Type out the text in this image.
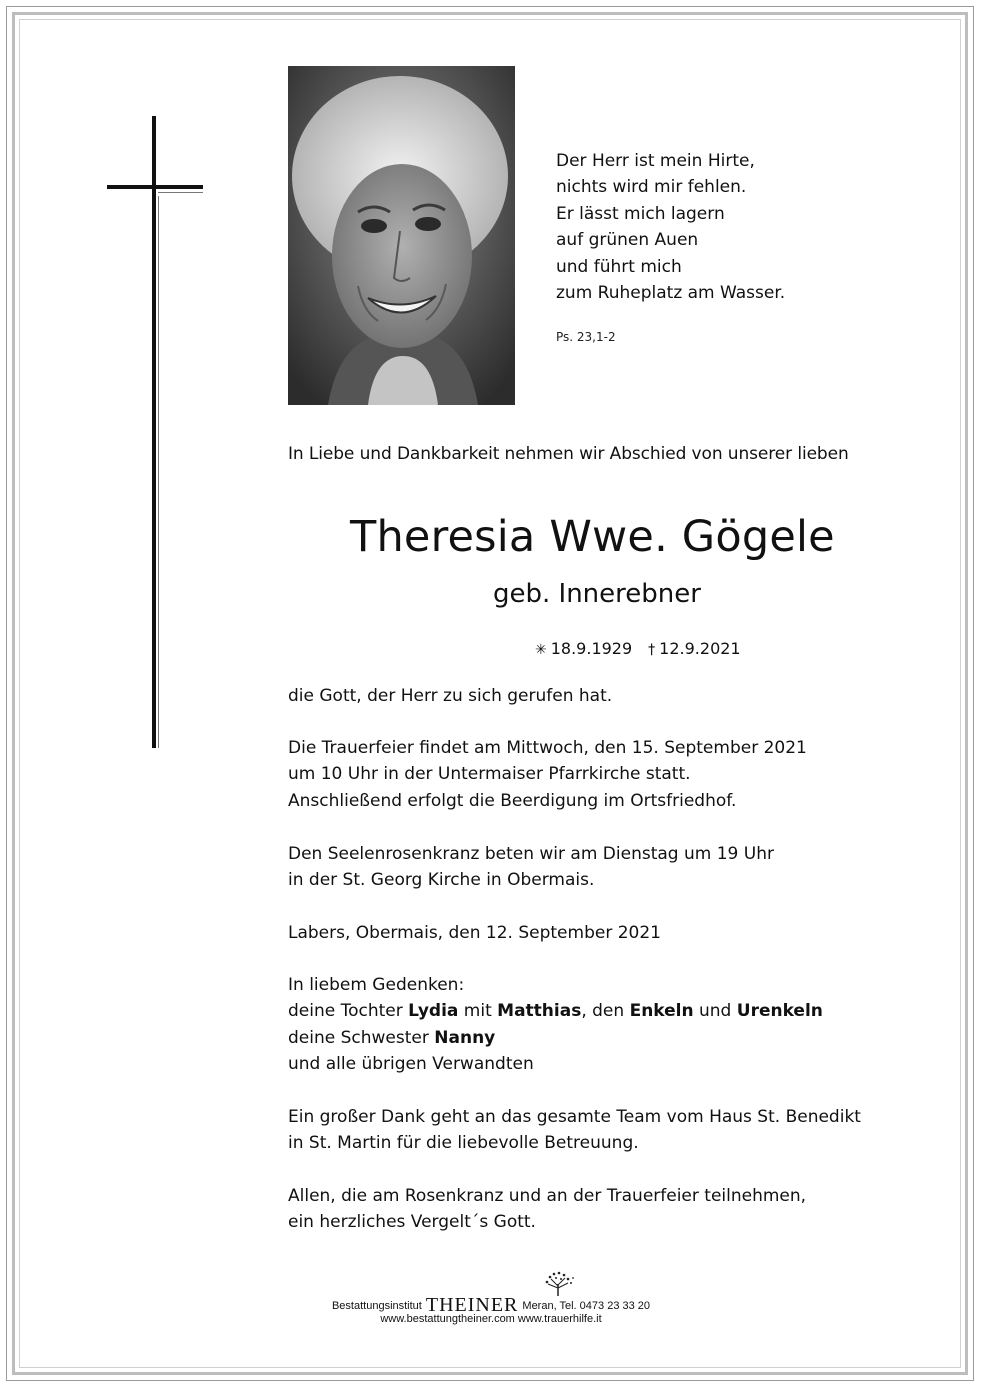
Der Herr ist mein Hirte,
nichts wird mir fehlen.
Er lässt mich lagern
auf grünen Auen
und führt mich
zum Ruheplatz am Wasser.
Ps. 23,1-2
In Liebe und Dankbarkeit nehmen wir Abschied von unserer lieben
Theresia Wwe. Gögele
geb. Innerebner
✳ 18.9.1929 † 12.9.2021
die Gott, der Herr zu sich gerufen hat.
Die Trauerfeier findet am Mittwoch, den 15. September 2021
um 10 Uhr in der Untermaiser Pfarrkirche statt.
Anschließend erfolgt die Beerdigung im Ortsfriedhof.
Den Seelenrosenkranz beten wir am Dienstag um 19 Uhr
in der St. Georg Kirche in Obermais.
Labers, Obermais, den 12. September 2021
In liebem Gedenken:
deine Tochter Lydia mit Matthias, den Enkeln und Urenkeln
deine Schwester Nanny
und alle übrigen Verwandten
Ein großer Dank geht an das gesamte Team vom Haus St. Benedikt
in St. Martin für die liebevolle Betreuung.
Allen, die am Rosenkranz und an der Trauerfeier teilnehmen,
ein herzliches Vergelt´s Gott.
Bestattungsinstitut THEINER Meran, Tel. 0473 23 33 20
www.bestattungtheiner.com www.trauerhilfe.it
